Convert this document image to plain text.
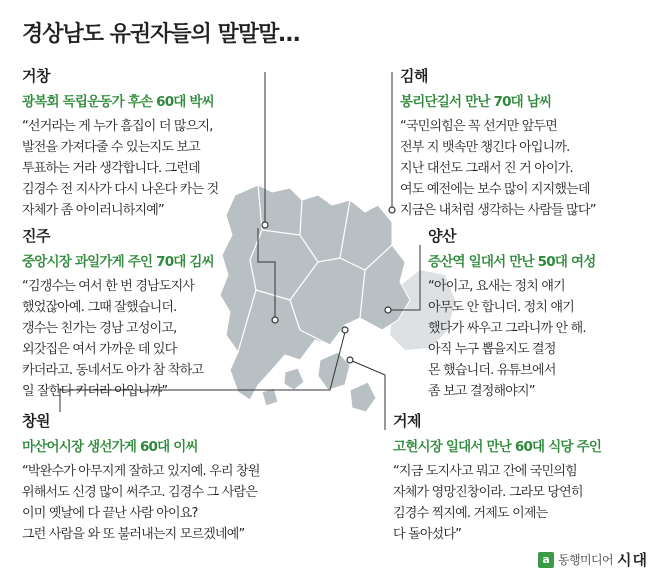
경상남도 유권자들의 말말말…
거창
광복회 독립운동가 후손 60대 박씨
“선거라는 게 누가 흠집이 더 많으지,
발전을 가져다줄 수 있는지도 보고
투표하는 거라 생각합니다. 그런데
김경수 전 지사가 다시 나온다 카는 것
자체가 좀 아이러니하지예”
김해
봉리단길서 만난 70대 남씨
“국민의힘은 꼭 선거만 앞두면
전부 지 뱃속만 챙긴다 아입니까.
지난 대선도 그래서 진 거 아이가.
여도 예전에는 보수 많이 지지했는데
지금은 내처럼 생각하는 사람들 많다”
진주
중앙시장 과일가게 주인 70대 김씨
“김갱수는 여서 한 번 경남도지사
했었잖아예. 그때 잘했습니더.
갱수는 친가는 경남 고성이고,
외갓집은 여서 가까운 데 있다
카더라고. 동네서도 아가 참 착하고
일 잘한다 카더라 아입니꺄”
양산
증산역 일대서 만난 50대 여성
“아이고, 요새는 정치 얘기
아무도 안 합니더. 정치 얘기
했다가 싸우고 그라니까 안 해.
아직 누구 뽑을지도 결정
몬 했습니더. 유튜브에서
좀 보고 결정해야지”
창원
마산어시장 생선가게 60대 이씨
“박완수가 아무지게 잘하고 있지예. 우리 창원
위해서도 신경 많이 써주고. 김경수 그 사람은
이미 옛날에 다 끝난 사람 아이요?
그런 사람을 와 또 불러내는지 모르겠네예”
거제
고현시장 일대서 만난 60대 식당 주인
“지금 도지사고 뭐고 간에 국민의힘
자체가 영망진창이라. 그라모 당연히
김경수 찍지예. 거제도 이제는
다 돌아섰다”
a 동행미디어 시대
